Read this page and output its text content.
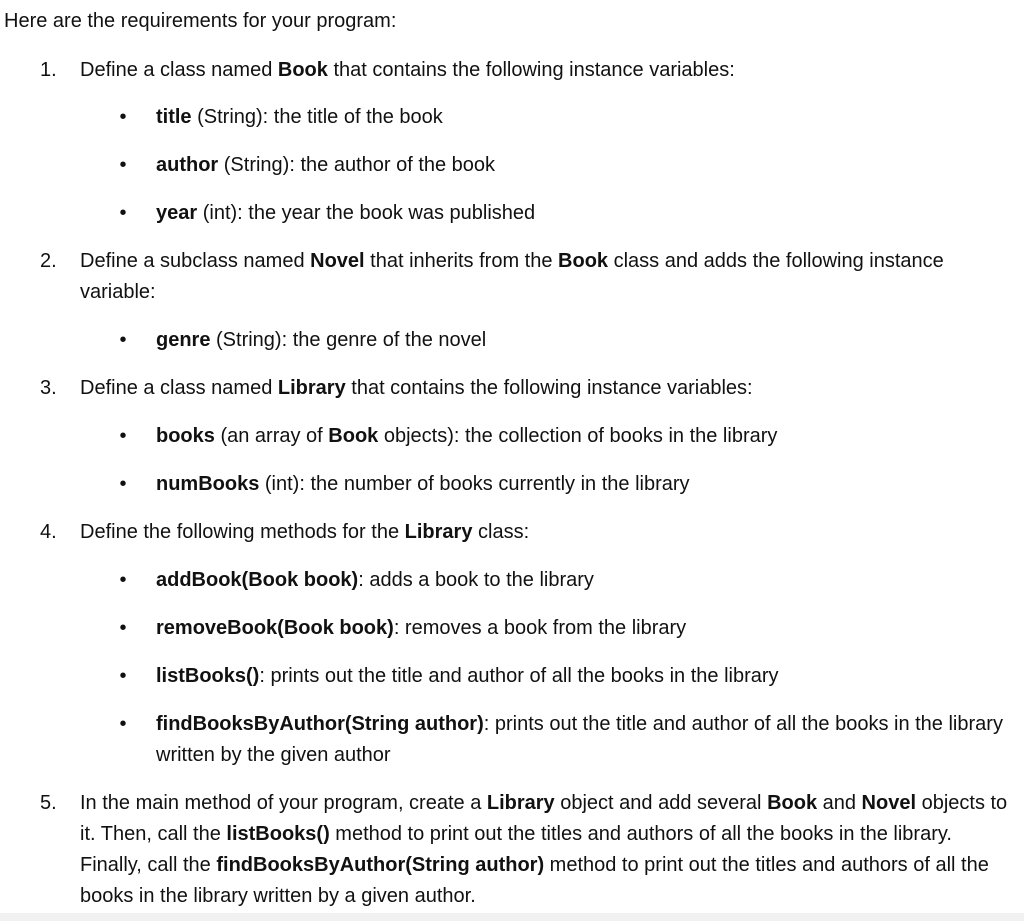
Here are the requirements for your program:

1.	Define a class named Book that contains the following instance variables:
• title (String): the title of the book
• author (String): the author of the book
• year (int): the year the book was published
2.	Define a subclass named Novel that inherits from the Book class and adds the following instance variable:
• genre (String): the genre of the novel
3.	Define a class named Library that contains the following instance variables:
• books (an array of Book objects): the collection of books in the library
• numBooks (int): the number of books currently in the library
4.	Define the following methods for the Library class:
• addBook(Book book): adds a book to the library
• removeBook(Book book): removes a book from the library
• listBooks(): prints out the title and author of all the books in the library
• findBooksByAuthor(String author): prints out the title and author of all the books in the library written by the given author
5.	In the main method of your program, create a Library object and add several Book and Novel objects to it. Then, call the listBooks() method to print out the titles and authors of all the books in the library. Finally, call the findBooksByAuthor(String author) method to print out the titles and authors of all the books in the library written by a given author.
